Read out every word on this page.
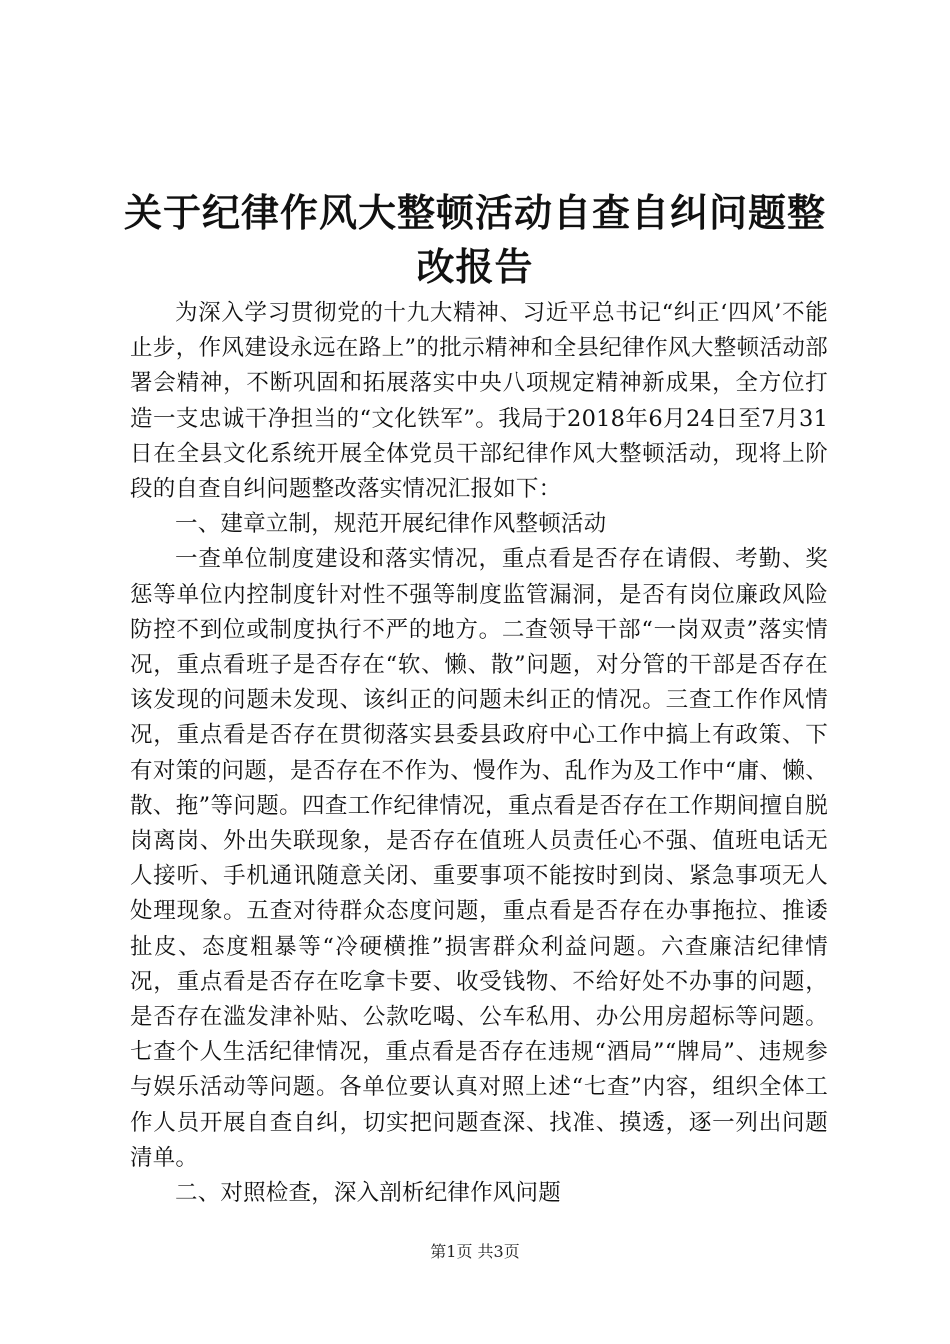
关于纪律作风大整顿活动自查自纠问题整改报告

为深入学习贯彻党的十九大精神、习近平总书记“纠正‘四风’不能止步，作风建设永远在路上”的批示精神和全县纪律作风大整顿活动部署会精神，不断巩固和拓展落实中央八项规定精神新成果，全方位打造一支忠诚干净担当的“文化铁军”。我局于2018年6月24日至7月31日在全县文化系统开展全体党员干部纪律作风大整顿活动，现将上阶段的自查自纠问题整改落实情况汇报如下：

一、建章立制，规范开展纪律作风整顿活动

一查单位制度建设和落实情况，重点看是否存在请假、考勤、奖惩等单位内控制度针对性不强等制度监管漏洞，是否有岗位廉政风险防控不到位或制度执行不严的地方。二查领导干部“一岗双责”落实情况，重点看班子是否存在“软、懒、散”问题，对分管的干部是否存在该发现的问题未发现、该纠正的问题未纠正的情况。三查工作作风情况，重点看是否存在贯彻落实县委县政府中心工作中搞上有政策、下有对策的问题，是否存在不作为、慢作为、乱作为及工作中“庸、懒、散、拖”等问题。四查工作纪律情况，重点看是否存在工作期间擅自脱岗离岗、外出失联现象，是否存在值班人员责任心不强、值班电话无人接听、手机通讯随意关闭、重要事项不能按时到岗、紧急事项无人处理现象。五查对待群众态度问题，重点看是否存在办事拖拉、推诿扯皮、态度粗暴等“冷硬横推”损害群众利益问题。六查廉洁纪律情况，重点看是否存在吃拿卡要、收受钱物、不给好处不办事的问题，是否存在滥发津补贴、公款吃喝、公车私用、办公用房超标等问题。七查个人生活纪律情况，重点看是否存在违规“酒局”“牌局”、违规参与娱乐活动等问题。各单位要认真对照上述“七查”内容，组织全体工作人员开展自查自纠，切实把问题查深、找准、摸透，逐一列出问题清单。

二、对照检查，深入剖析纪律作风问题

第1页 共3页
